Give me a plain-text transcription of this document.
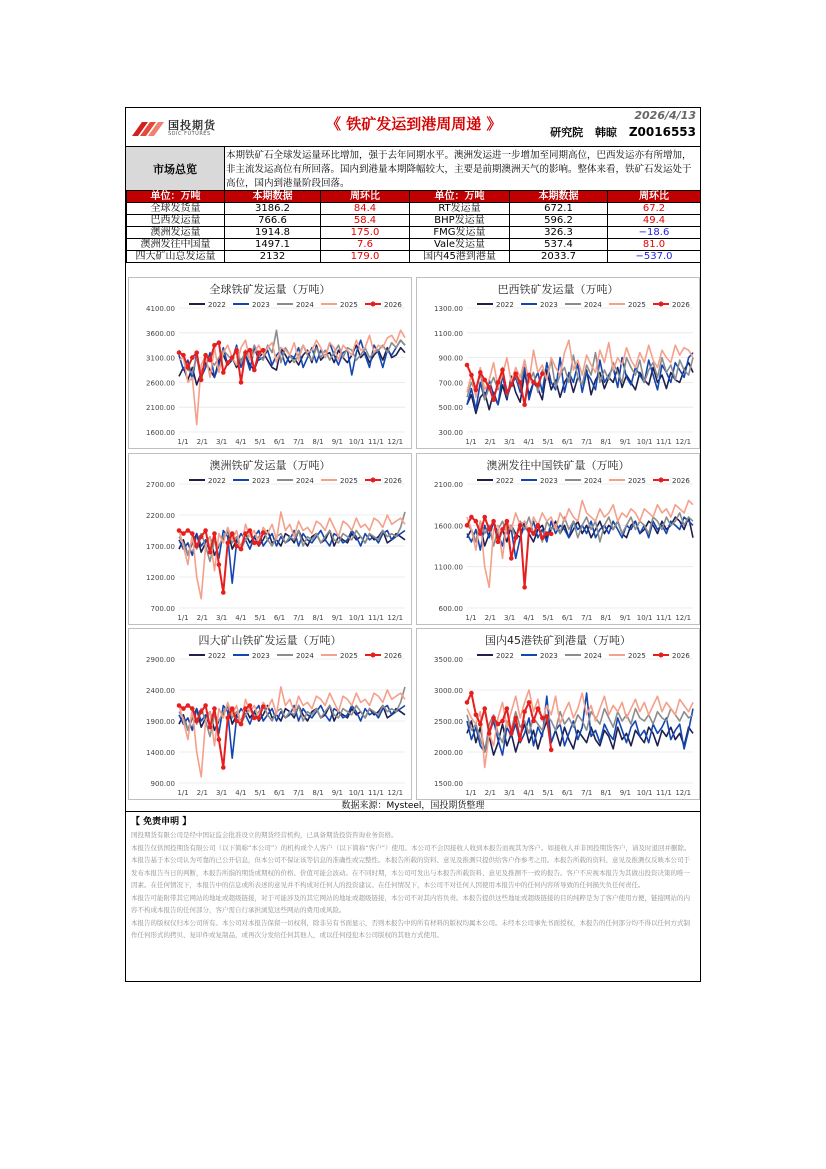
国投期货
SDIC FUTURES
《 铁矿发运到港周周递 》	2026/4/13
研究院 韩晾 Z0016553
市场总览
本期铁矿石全球发运量环比增加，强于去年同期水平。澳洲发运进一步增加至同期高位，巴西发运亦有所增加，非主流发运高位有所回落。国内到港量本期降幅较大，主要是前期澳洲天气的影响。整体来看，铁矿石发运处于高位，国内到港量阶段回落。
单位：万吨	本期数据	周环比	单位：万吨	本期数据	周环比
全球发货量	3186.2	84.4	RT发运量	672.1	67.2
巴西发运量	766.6	58.4	BHP发运量	596.2	49.4
澳洲发运量	1914.8	175.0	FMG发运量	326.3	−18.6
澳洲发往中国量	1497.1	7.6	Vale发运量	537.4	81.0
四大矿山总发运量	2132	179.0	国内45港到港量	2033.7	−537.0
全球铁矿发运量（万吨）
2022	2023	2024	2025	2026
4100.00
3600.00
3100.00
2600.00
2100.00
1600.00
1/1 2/1 3/1 4/1 5/1 6/1 7/1 8/1 9/1 10/1 11/1 12/1
巴西铁矿发运量（万吨）
2022	2023	2024	2025	2026
1300.00
1100.00
900.00
700.00
500.00
300.00
1/1 2/1 3/1 4/1 5/1 6/1 7/1 8/1 9/1 10/1 11/1 12/1
澳洲铁矿发运量（万吨）
2022	2023	2024	2025	2026
2700.00
2200.00
1700.00
1200.00
700.00
1/1 2/1 3/1 4/1 5/1 6/1 7/1 8/1 9/1 10/1 11/1 12/1
澳洲发往中国铁矿量（万吨）
2022	2023	2024	2025	2026
2100.00
1600.00
1100.00
600.00
1/1 2/1 3/1 4/1 5/1 6/1 7/1 8/1 9/1 10/1 11/1 12/1
四大矿山铁矿发运量（万吨）
2022	2023	2024	2025	2026
2900.00
2400.00
1900.00
1400.00
900.00
1/1 2/1 3/1 4/1 5/1 6/1 7/1 8/1 9/1 10/1 11/1 12/1
国内45港铁矿到港量（万吨）
2022	2023	2024	2025	2026
3500.00
3000.00
2500.00
2000.00
1500.00
1/1 2/1 3/1 4/1 5/1 6/1 7/1 8/1 9/1 10/1 11/1 12/1
数据来源：Mysteel，国投期货整理
【 免责申明 】

国投期货有限公司是经中国证监会批准设立的期货经营机构，已具备期货投资咨询业务资格。

本报告仅供国投期货有限公司（以下简称“本公司”）的机构或个人客户（以下简称“客户”）使用。本公司不会因接收人收到本报告而视其为客户。如接收人并非国投期货客户，请及时退回并删除。

本报告基于本公司认为可靠的已公开信息，但本公司不保证该等信息的准确性或完整性。本报告所载的资料、意见及推测只提供给客户作参考之用。本报告所载的资料、意见及推测仅反映本公司于发布本报告当日的判断，本报告所指的期货或期权的价格、价值可能会波动。在不同时期，本公司可发出与本报告所载资料、意见及推测不一致的报告。客户不应视本报告为其做出投资决策的唯一因素。在任何情况下，本报告中的信息或所表述的意见并不构成对任何人的投资建议。在任何情况下，本公司不对任何人因使用本报告中的任何内容所导致的任何损失负任何责任。

本报告可能附带其它网站的地址或超级链接，对于可能涉及的其它网站的地址或超级链接，本公司不对其内容负责。本报告提供这些地址或超级链接的目的纯粹是为了客户使用方便，链接网站的内容不构成本报告的任何部分，客户需自行承担浏览这些网站的费用或风险。

本报告的版权仅归本公司所有。本公司对本报告保留一切权利，除非另有书面显示，否则本报告中的所有材料的版权均属本公司。未经本公司事先书面授权，本报告的任何部分均不得以任何方式制作任何形式的拷贝、复印件或复制品，或再次分发给任何其他人，或以任何侵犯本公司版权的其他方式使用。
